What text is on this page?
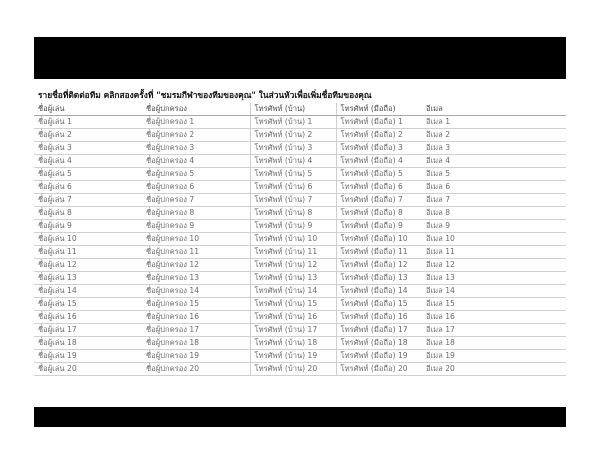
รายชื่อที่ติดต่อทีม คลิกสองครั้งที่ "ชมรมกีฬาของทีมของคุณ" ในส่วนหัวเพื่อเพิ่มชื่อทีมของคุณ
ชื่อผู้เล่น	ชื่อผู้ปกครอง	โทรศัพท์ (บ้าน)	โทรศัพท์ (มือถือ)	อีเมล
ชื่อผู้เล่น 1	ชื่อผู้ปกครอง 1	โทรศัพท์ (บ้าน) 1	โทรศัพท์ (มือถือ) 1	อีเมล 1
ชื่อผู้เล่น 2	ชื่อผู้ปกครอง 2	โทรศัพท์ (บ้าน) 2	โทรศัพท์ (มือถือ) 2	อีเมล 2
ชื่อผู้เล่น 3	ชื่อผู้ปกครอง 3	โทรศัพท์ (บ้าน) 3	โทรศัพท์ (มือถือ) 3	อีเมล 3
ชื่อผู้เล่น 4	ชื่อผู้ปกครอง 4	โทรศัพท์ (บ้าน) 4	โทรศัพท์ (มือถือ) 4	อีเมล 4
ชื่อผู้เล่น 5	ชื่อผู้ปกครอง 5	โทรศัพท์ (บ้าน) 5	โทรศัพท์ (มือถือ) 5	อีเมล 5
ชื่อผู้เล่น 6	ชื่อผู้ปกครอง 6	โทรศัพท์ (บ้าน) 6	โทรศัพท์ (มือถือ) 6	อีเมล 6
ชื่อผู้เล่น 7	ชื่อผู้ปกครอง 7	โทรศัพท์ (บ้าน) 7	โทรศัพท์ (มือถือ) 7	อีเมล 7
ชื่อผู้เล่น 8	ชื่อผู้ปกครอง 8	โทรศัพท์ (บ้าน) 8	โทรศัพท์ (มือถือ) 8	อีเมล 8
ชื่อผู้เล่น 9	ชื่อผู้ปกครอง 9	โทรศัพท์ (บ้าน) 9	โทรศัพท์ (มือถือ) 9	อีเมล 9
ชื่อผู้เล่น 10	ชื่อผู้ปกครอง 10	โทรศัพท์ (บ้าน) 10	โทรศัพท์ (มือถือ) 10	อีเมล 10
ชื่อผู้เล่น 11	ชื่อผู้ปกครอง 11	โทรศัพท์ (บ้าน) 11	โทรศัพท์ (มือถือ) 11	อีเมล 11
ชื่อผู้เล่น 12	ชื่อผู้ปกครอง 12	โทรศัพท์ (บ้าน) 12	โทรศัพท์ (มือถือ) 12	อีเมล 12
ชื่อผู้เล่น 13	ชื่อผู้ปกครอง 13	โทรศัพท์ (บ้าน) 13	โทรศัพท์ (มือถือ) 13	อีเมล 13
ชื่อผู้เล่น 14	ชื่อผู้ปกครอง 14	โทรศัพท์ (บ้าน) 14	โทรศัพท์ (มือถือ) 14	อีเมล 14
ชื่อผู้เล่น 15	ชื่อผู้ปกครอง 15	โทรศัพท์ (บ้าน) 15	โทรศัพท์ (มือถือ) 15	อีเมล 15
ชื่อผู้เล่น 16	ชื่อผู้ปกครอง 16	โทรศัพท์ (บ้าน) 16	โทรศัพท์ (มือถือ) 16	อีเมล 16
ชื่อผู้เล่น 17	ชื่อผู้ปกครอง 17	โทรศัพท์ (บ้าน) 17	โทรศัพท์ (มือถือ) 17	อีเมล 17
ชื่อผู้เล่น 18	ชื่อผู้ปกครอง 18	โทรศัพท์ (บ้าน) 18	โทรศัพท์ (มือถือ) 18	อีเมล 18
ชื่อผู้เล่น 19	ชื่อผู้ปกครอง 19	โทรศัพท์ (บ้าน) 19	โทรศัพท์ (มือถือ) 19	อีเมล 19
ชื่อผู้เล่น 20	ชื่อผู้ปกครอง 20	โทรศัพท์ (บ้าน) 20	โทรศัพท์ (มือถือ) 20	อีเมล 20
